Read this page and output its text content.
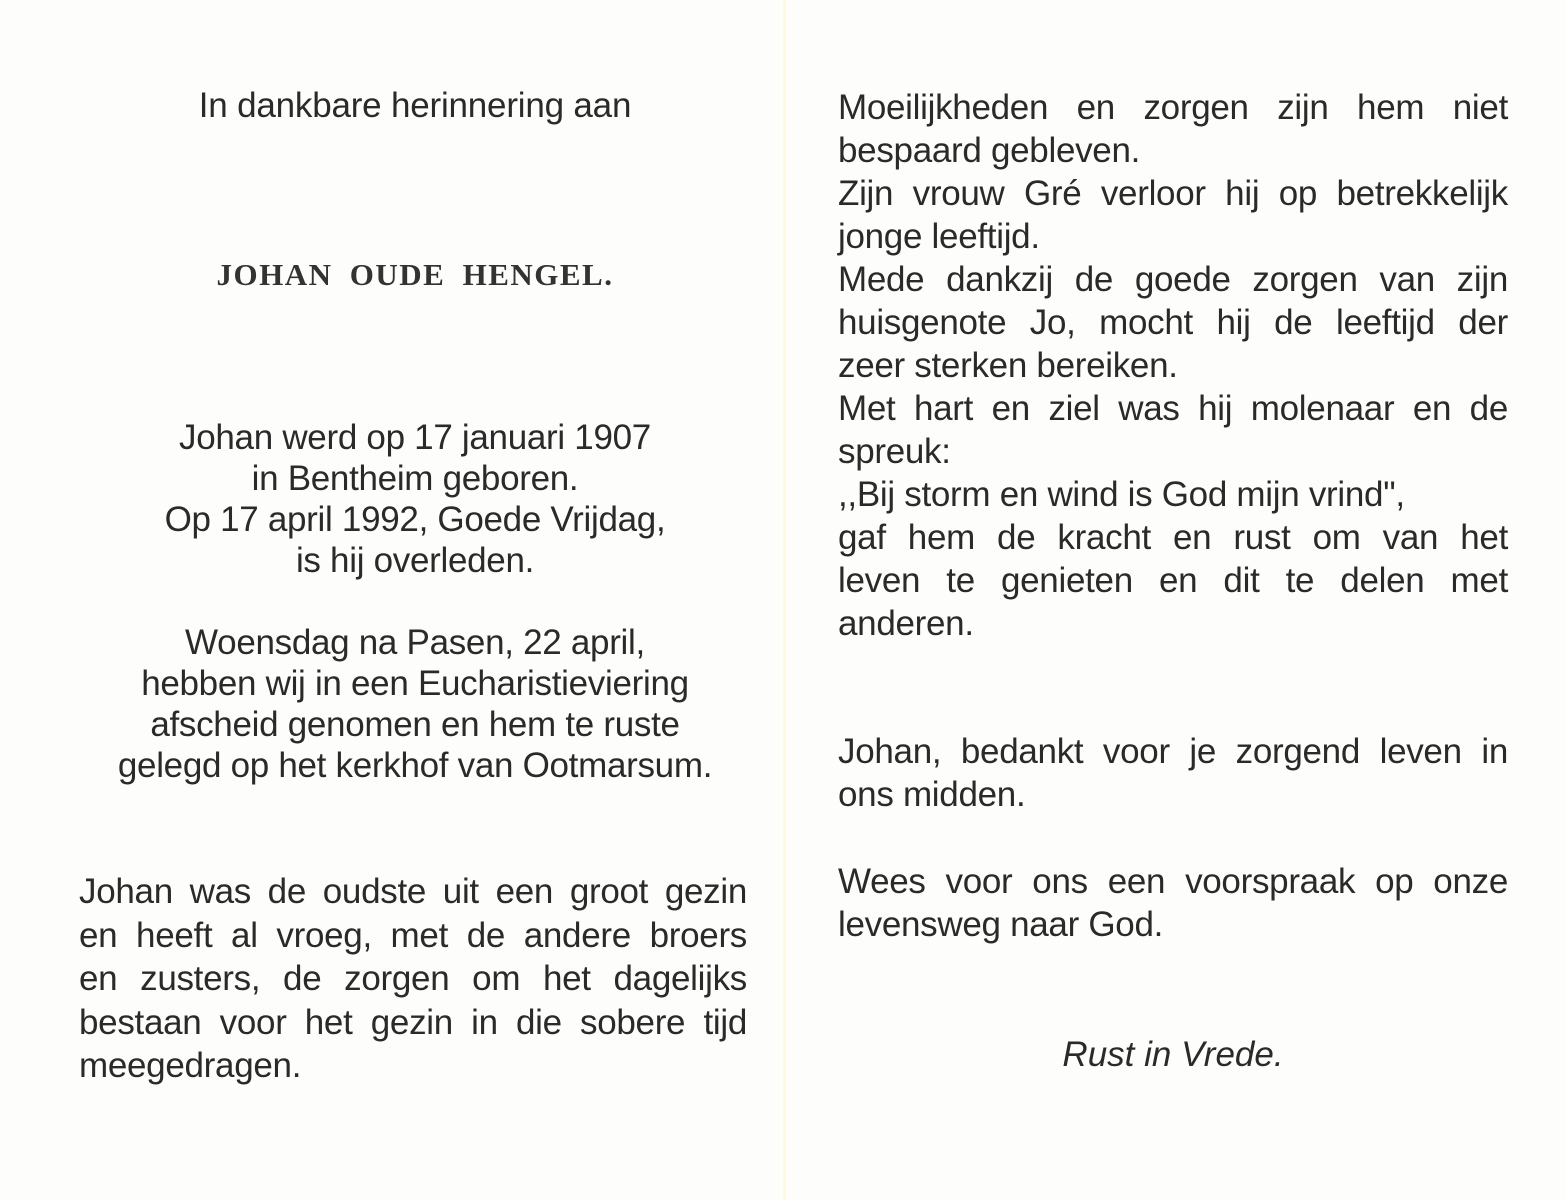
In dankbare herinnering aan
JOHAN OUDE HENGEL.
Johan werd op 17 januari 1907
in Bentheim geboren.
Op 17 april 1992, Goede Vrijdag,
is hij overleden.
Woensdag na Pasen, 22 april,
hebben wij in een Eucharistieviering
afscheid genomen en hem te ruste
gelegd op het kerkhof van Ootmarsum.
Johan was de oudste uit een groot gezin
en heeft al vroeg, met de andere broers
en zusters, de zorgen om het dagelijks
bestaan voor het gezin in die sobere tijd
meegedragen.
Moeilijkheden en zorgen zijn hem niet
bespaard gebleven.
Zijn vrouw Gré verloor hij op betrekkelijk
jonge leeftijd.
Mede dankzij de goede zorgen van zijn
huisgenote Jo, mocht hij de leeftijd der
zeer sterken bereiken.
Met hart en ziel was hij molenaar en de
spreuk:
,,Bij storm en wind is God mijn vrind",
gaf hem de kracht en rust om van het
leven te genieten en dit te delen met
anderen.
Johan, bedankt voor je zorgend leven in
ons midden.
Wees voor ons een voorspraak op onze
levensweg naar God.
Rust in Vrede.
